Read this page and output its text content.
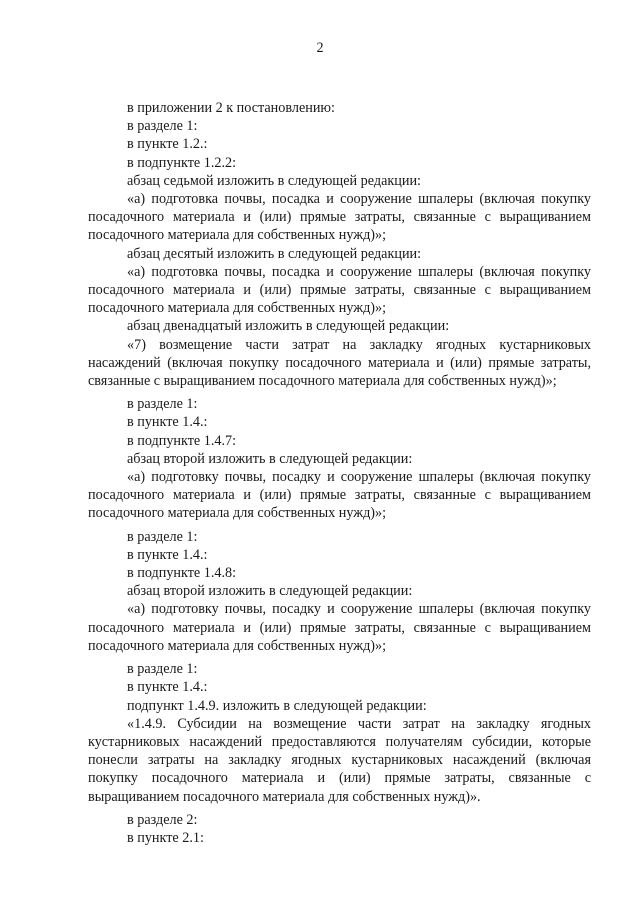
2

в приложении 2 к постановлению:

в разделе 1:

в пункте 1.2.:

в подпункте 1.2.2:

абзац седьмой изложить в следующей редакции:

«а) подготовка почвы, посадка и сооружение шпалеры (включая покупку посадочного материала и (или) прямые затраты, связанные с выращиванием посадочного материала для собственных нужд)»;

абзац десятый изложить в следующей редакции:

«а) подготовка почвы, посадка и сооружение шпалеры (включая покупку посадочного материала и (или) прямые затраты, связанные с выращиванием посадочного материала для собственных нужд)»;

абзац двенадцатый изложить в следующей редакции:

«7) возмещение части затрат на закладку ягодных кустарниковых насаждений (включая покупку посадочного материала и (или) прямые затраты, связанные с выращиванием посадочного материала для собственных нужд)»;

в разделе 1:

в пункте 1.4.:

в подпункте 1.4.7:

абзац второй изложить в следующей редакции:

«а) подготовку почвы, посадку и сооружение шпалеры (включая покупку посадочного материала и (или) прямые затраты, связанные с выращиванием посадочного материала для собственных нужд)»;

в разделе 1:

в пункте 1.4.:

в подпункте 1.4.8:

абзац второй изложить в следующей редакции:

«а) подготовку почвы, посадку и сооружение шпалеры (включая покупку посадочного материала и (или) прямые затраты, связанные с выращиванием посадочного материала для собственных нужд)»;

в разделе 1:

в пункте 1.4.:

подпункт 1.4.9. изложить в следующей редакции:

«1.4.9. Субсидии на возмещение части затрат на закладку ягодных кустарниковых насаждений предоставляются получателям субсидии, которые понесли затраты на закладку ягодных кустарниковых насаждений (включая покупку посадочного материала и (или) прямые затраты, связанные с выращиванием посадочного материала для собственных нужд)».

в разделе 2:

в пункте 2.1:
